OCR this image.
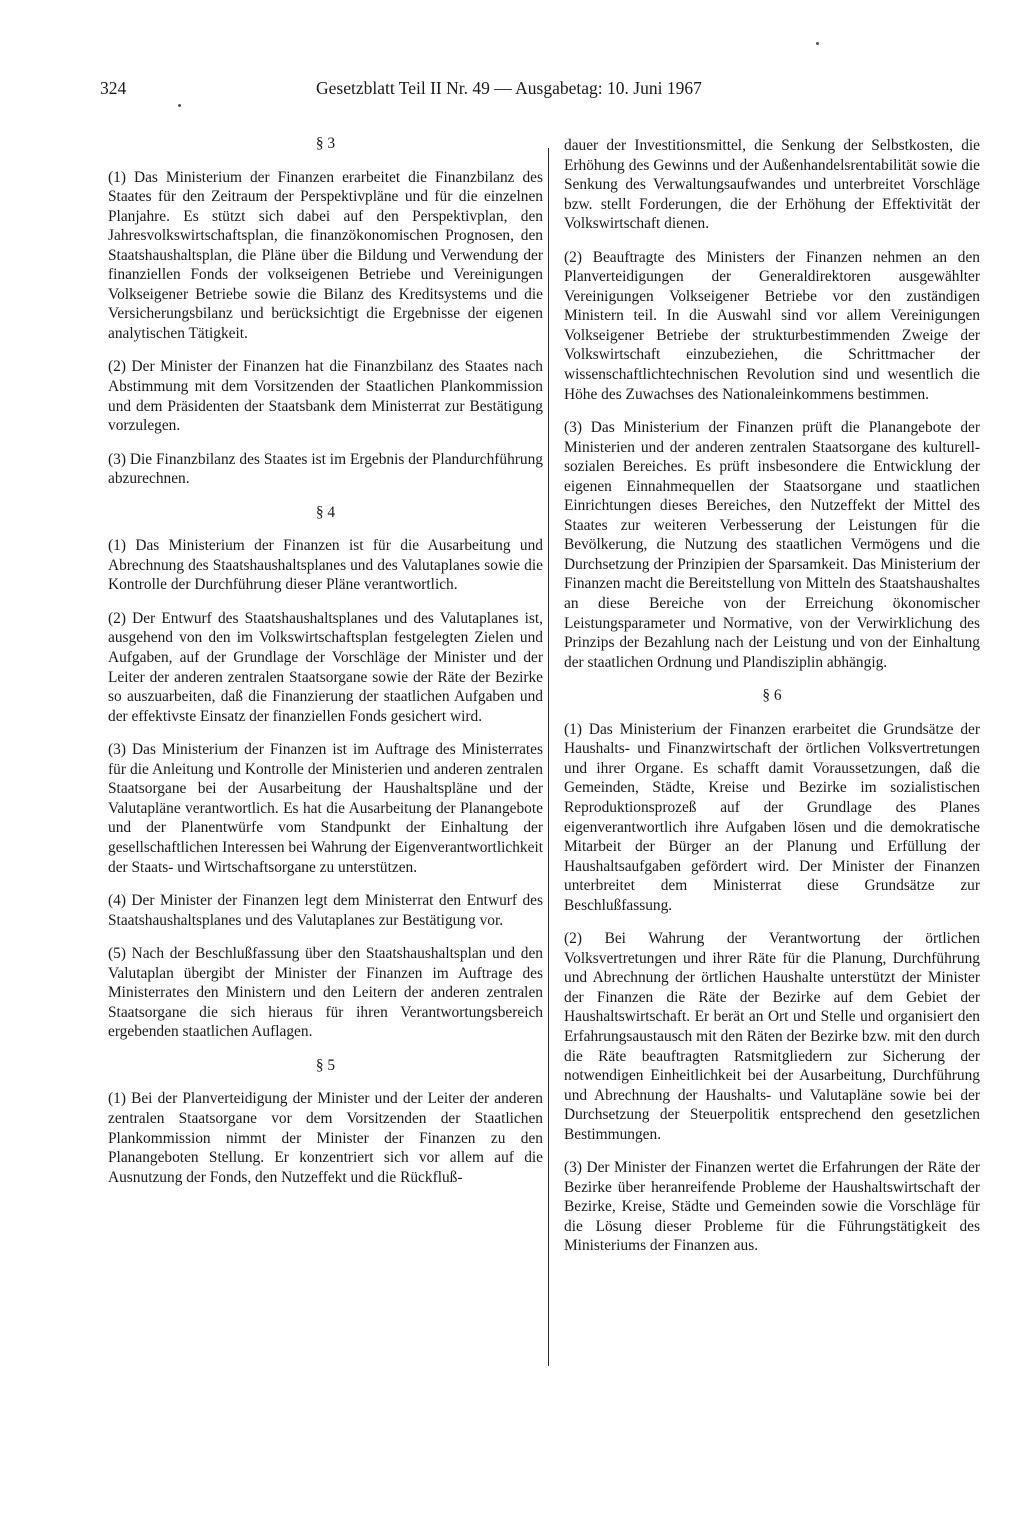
324	Gesetzblatt Teil II Nr. 49 — Ausgabetag: 10. Juni 1967

§ 3

(1) Das Ministerium der Finanzen erarbeitet die Finanzbilanz des Staates für den Zeitraum der Perspektivpläne und für die einzelnen Planjahre. Es stützt sich dabei auf den Perspektivplan, den Jahresvolkswirtschaftsplan, die finanzökonomischen Prognosen, den Staatshaushaltsplan, die Pläne über die Bildung und Verwendung der finanziellen Fonds der volkseigenen Betriebe und Vereinigungen Volkseigener Betriebe sowie die Bilanz des Kreditsystems und die Versicherungsbilanz und berücksichtigt die Ergebnisse der eigenen analytischen Tätigkeit.

(2) Der Minister der Finanzen hat die Finanzbilanz des Staates nach Abstimmung mit dem Vorsitzenden der Staatlichen Plankommission und dem Präsidenten der Staatsbank dem Ministerrat zur Bestätigung vorzulegen.

(3) Die Finanzbilanz des Staates ist im Ergebnis der Plandurchführung abzurechnen.

§ 4

(1) Das Ministerium der Finanzen ist für die Ausarbeitung und Abrechnung des Staatshaushaltsplanes und des Valutaplanes sowie die Kontrolle der Durchführung dieser Pläne verantwortlich.

(2) Der Entwurf des Staatshaushaltsplanes und des Valutaplanes ist, ausgehend von den im Volkswirtschaftsplan festgelegten Zielen und Aufgaben, auf der Grundlage der Vorschläge der Minister und der Leiter der anderen zentralen Staatsorgane sowie der Räte der Bezirke so auszuarbeiten, daß die Finanzierung der staatlichen Aufgaben und der effektivste Einsatz der finanziellen Fonds gesichert wird.

(3) Das Ministerium der Finanzen ist im Auftrage des Ministerrates für die Anleitung und Kontrolle der Ministerien und anderen zentralen Staatsorgane bei der Ausarbeitung der Haushaltspläne und der Valutapläne verantwortlich. Es hat die Ausarbeitung der Planangebote und der Planentwürfe vom Standpunkt der Einhaltung der gesellschaftlichen Interessen bei Wahrung der Eigenverantwortlichkeit der Staats- und Wirtschaftsorgane zu unterstützen.

(4) Der Minister der Finanzen legt dem Ministerrat den Entwurf des Staatshaushaltsplanes und des Valutaplanes zur Bestätigung vor.

(5) Nach der Beschlußfassung über den Staatshaushaltsplan und den Valutaplan übergibt der Minister der Finanzen im Auftrage des Ministerrates den Ministern und den Leitern der anderen zentralen Staatsorgane die sich hieraus für ihren Verantwortungsbereich ergebenden staatlichen Auflagen.

§ 5

(1) Bei der Planverteidigung der Minister und der Leiter der anderen zentralen Staatsorgane vor dem Vorsitzenden der Staatlichen Plankommission nimmt der Minister der Finanzen zu den Planangeboten Stellung. Er konzentriert sich vor allem auf die Ausnutzung der Fonds, den Nutzeffekt und die Rückfluß-

dauer der Investitionsmittel, die Senkung der Selbstkosten, die Erhöhung des Gewinns und der Außenhandelsrentabilität sowie die Senkung des Verwaltungsaufwandes und unterbreitet Vorschläge bzw. stellt Forderungen, die der Erhöhung der Effektivität der Volkswirtschaft dienen.

(2) Beauftragte des Ministers der Finanzen nehmen an den Planverteidigungen der Generaldirektoren ausgewählter Vereinigungen Volkseigener Betriebe vor den zuständigen Ministern teil. In die Auswahl sind vor allem Vereinigungen Volkseigener Betriebe der strukturbestimmenden Zweige der Volkswirtschaft einzubeziehen, die Schrittmacher der wissenschaftlichtechnischen Revolution sind und wesentlich die Höhe des Zuwachses des Nationaleinkommens bestimmen.

(3) Das Ministerium der Finanzen prüft die Planangebote der Ministerien und der anderen zentralen Staatsorgane des kulturell-sozialen Bereiches. Es prüft insbesondere die Entwicklung der eigenen Einnahmequellen der Staatsorgane und staatlichen Einrichtungen dieses Bereiches, den Nutzeffekt der Mittel des Staates zur weiteren Verbesserung der Leistungen für die Bevölkerung, die Nutzung des staatlichen Vermögens und die Durchsetzung der Prinzipien der Sparsamkeit. Das Ministerium der Finanzen macht die Bereitstellung von Mitteln des Staatshaushaltes an diese Bereiche von der Erreichung ökonomischer Leistungsparameter und Normative, von der Verwirklichung des Prinzips der Bezahlung nach der Leistung und von der Einhaltung der staatlichen Ordnung und Plandisziplin abhängig.

§ 6

(1) Das Ministerium der Finanzen erarbeitet die Grundsätze der Haushalts- und Finanzwirtschaft der örtlichen Volksvertretungen und ihrer Organe. Es schafft damit Voraussetzungen, daß die Gemeinden, Städte, Kreise und Bezirke im sozialistischen Reproduktionsprozeß auf der Grundlage des Planes eigenverantwortlich ihre Aufgaben lösen und die demokratische Mitarbeit der Bürger an der Planung und Erfüllung der Haushaltsaufgaben gefördert wird. Der Minister der Finanzen unterbreitet dem Ministerrat diese Grundsätze zur Beschlußfassung.

(2) Bei Wahrung der Verantwortung der örtlichen Volksvertretungen und ihrer Räte für die Planung, Durchführung und Abrechnung der örtlichen Haushalte unterstützt der Minister der Finanzen die Räte der Bezirke auf dem Gebiet der Haushaltswirtschaft. Er berät an Ort und Stelle und organisiert den Erfahrungsaustausch mit den Räten der Bezirke bzw. mit den durch die Räte beauftragten Ratsmitgliedern zur Sicherung der notwendigen Einheitlichkeit bei der Ausarbeitung, Durchführung und Abrechnung der Haushalts- und Valutapläne sowie bei der Durchsetzung der Steuerpolitik entsprechend den gesetzlichen Bestimmungen.

(3) Der Minister der Finanzen wertet die Erfahrungen der Räte der Bezirke über heranreifende Probleme der Haushaltswirtschaft der Bezirke, Kreise, Städte und Gemeinden sowie die Vorschläge für die Lösung dieser Probleme für die Führungstätigkeit des Ministeriums der Finanzen aus.
